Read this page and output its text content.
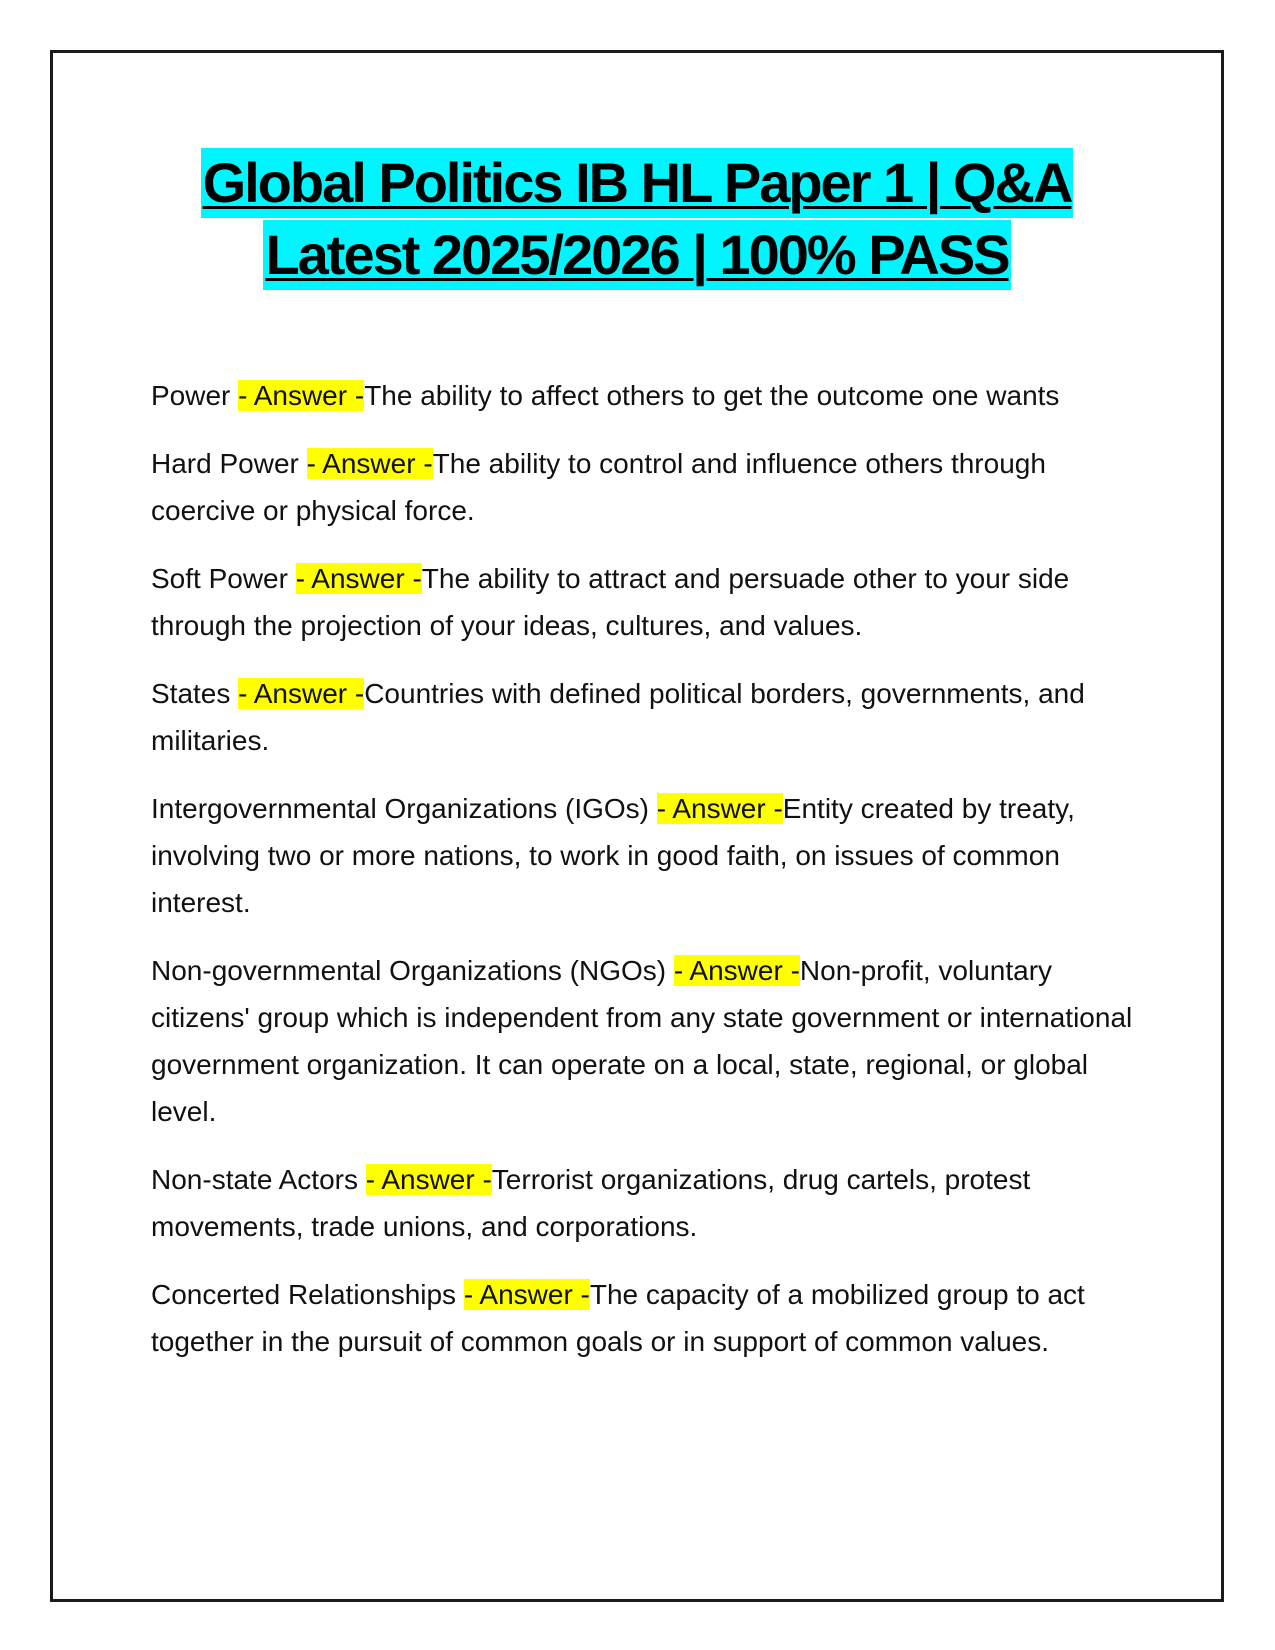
Global Politics IB HL Paper 1 | Q&A
Latest 2025/2026 | 100% PASS

Power - Answer -The ability to affect others to get the outcome one wants

Hard Power - Answer -The ability to control and influence others through coercive or physical force.

Soft Power - Answer -The ability to attract and persuade other to your side through the projection of your ideas, cultures, and values.

States - Answer -Countries with defined political borders, governments, and militaries.

Intergovernmental Organizations (IGOs) - Answer -Entity created by treaty, involving two or more nations, to work in good faith, on issues of common interest.

Non-governmental Organizations (NGOs) - Answer -Non-profit, voluntary citizens' group which is independent from any state government or international government organization. It can operate on a local, state, regional, or global level.

Non-state Actors - Answer -Terrorist organizations, drug cartels, protest movements, trade unions, and corporations.

Concerted Relationships - Answer -The capacity of a mobilized group to act together in the pursuit of common goals or in support of common values.
